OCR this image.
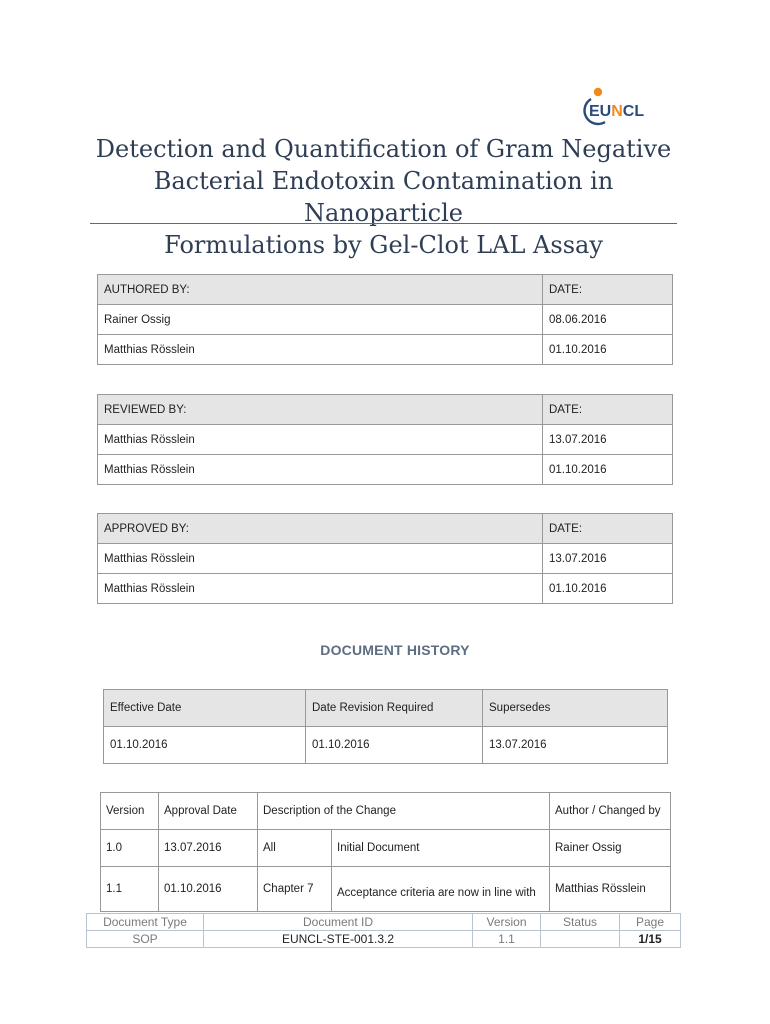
EUNCL
Detection and Quantification of Gram Negative
Bacterial Endotoxin Contamination in Nanoparticle
Formulations by Gel-Clot LAL Assay
AUTHORED BY:	DATE:
Rainer Ossig	08.06.2016
Matthias Rösslein	01.10.2016
REVIEWED BY:	DATE:
Matthias Rösslein	13.07.2016
Matthias Rösslein	01.10.2016
APPROVED BY:	DATE:
Matthias Rösslein	13.07.2016
Matthias Rösslein	01.10.2016
DOCUMENT HISTORY
Effective Date	Date Revision Required	Supersedes
01.10.2016	01.10.2016	13.07.2016
Version	Approval Date	Description of the Change		Author / Changed by
1.0	13.07.2016	All	Initial Document	Rainer Ossig
1.1	01.10.2016	Chapter 7	Acceptance criteria are now in line with	Matthias Rösslein
Document Type	Document ID	Version	Status	Page
SOP	EUNCL-STE-001.3.2	1.1		1/15
